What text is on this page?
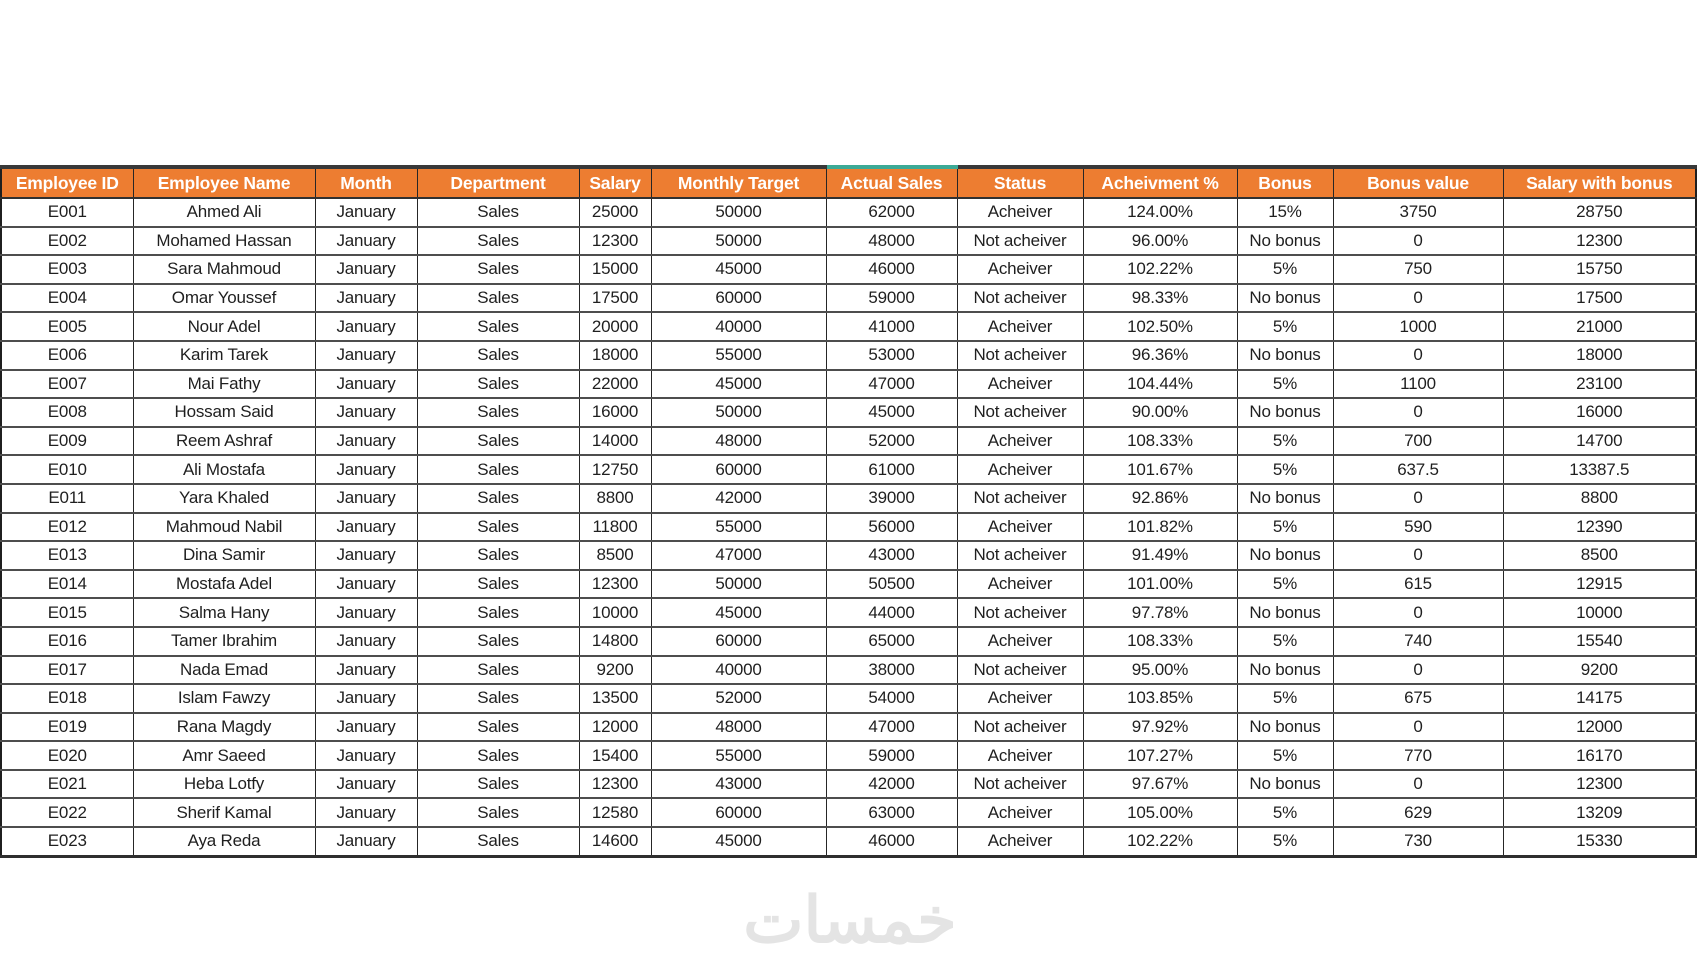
Employee ID	Employee Name	Month	Department	Salary	Monthly Target	Actual Sales	Status	Acheivment %	Bonus	Bonus value	Salary with bonus
E001	Ahmed Ali	January	Sales	25000	50000	62000	Acheiver	124.00%	15%	3750	28750
E002	Mohamed Hassan	January	Sales	12300	50000	48000	Not acheiver	96.00%	No bonus	0	12300
E003	Sara Mahmoud	January	Sales	15000	45000	46000	Acheiver	102.22%	5%	750	15750
E004	Omar Youssef	January	Sales	17500	60000	59000	Not acheiver	98.33%	No bonus	0	17500
E005	Nour Adel	January	Sales	20000	40000	41000	Acheiver	102.50%	5%	1000	21000
E006	Karim Tarek	January	Sales	18000	55000	53000	Not acheiver	96.36%	No bonus	0	18000
E007	Mai Fathy	January	Sales	22000	45000	47000	Acheiver	104.44%	5%	1100	23100
E008	Hossam Said	January	Sales	16000	50000	45000	Not acheiver	90.00%	No bonus	0	16000
E009	Reem Ashraf	January	Sales	14000	48000	52000	Acheiver	108.33%	5%	700	14700
E010	Ali Mostafa	January	Sales	12750	60000	61000	Acheiver	101.67%	5%	637.5	13387.5
E011	Yara Khaled	January	Sales	8800	42000	39000	Not acheiver	92.86%	No bonus	0	8800
E012	Mahmoud Nabil	January	Sales	11800	55000	56000	Acheiver	101.82%	5%	590	12390
E013	Dina Samir	January	Sales	8500	47000	43000	Not acheiver	91.49%	No bonus	0	8500
E014	Mostafa Adel	January	Sales	12300	50000	50500	Acheiver	101.00%	5%	615	12915
E015	Salma Hany	January	Sales	10000	45000	44000	Not acheiver	97.78%	No bonus	0	10000
E016	Tamer Ibrahim	January	Sales	14800	60000	65000	Acheiver	108.33%	5%	740	15540
E017	Nada Emad	January	Sales	9200	40000	38000	Not acheiver	95.00%	No bonus	0	9200
E018	Islam Fawzy	January	Sales	13500	52000	54000	Acheiver	103.85%	5%	675	14175
E019	Rana Magdy	January	Sales	12000	48000	47000	Not acheiver	97.92%	No bonus	0	12000
E020	Amr Saeed	January	Sales	15400	55000	59000	Acheiver	107.27%	5%	770	16170
E021	Heba Lotfy	January	Sales	12300	43000	42000	Not acheiver	97.67%	No bonus	0	12300
E022	Sherif Kamal	January	Sales	12580	60000	63000	Acheiver	105.00%	5%	629	13209
E023	Aya Reda	January	Sales	14600	45000	46000	Acheiver	102.22%	5%	730	15330
خمسات
